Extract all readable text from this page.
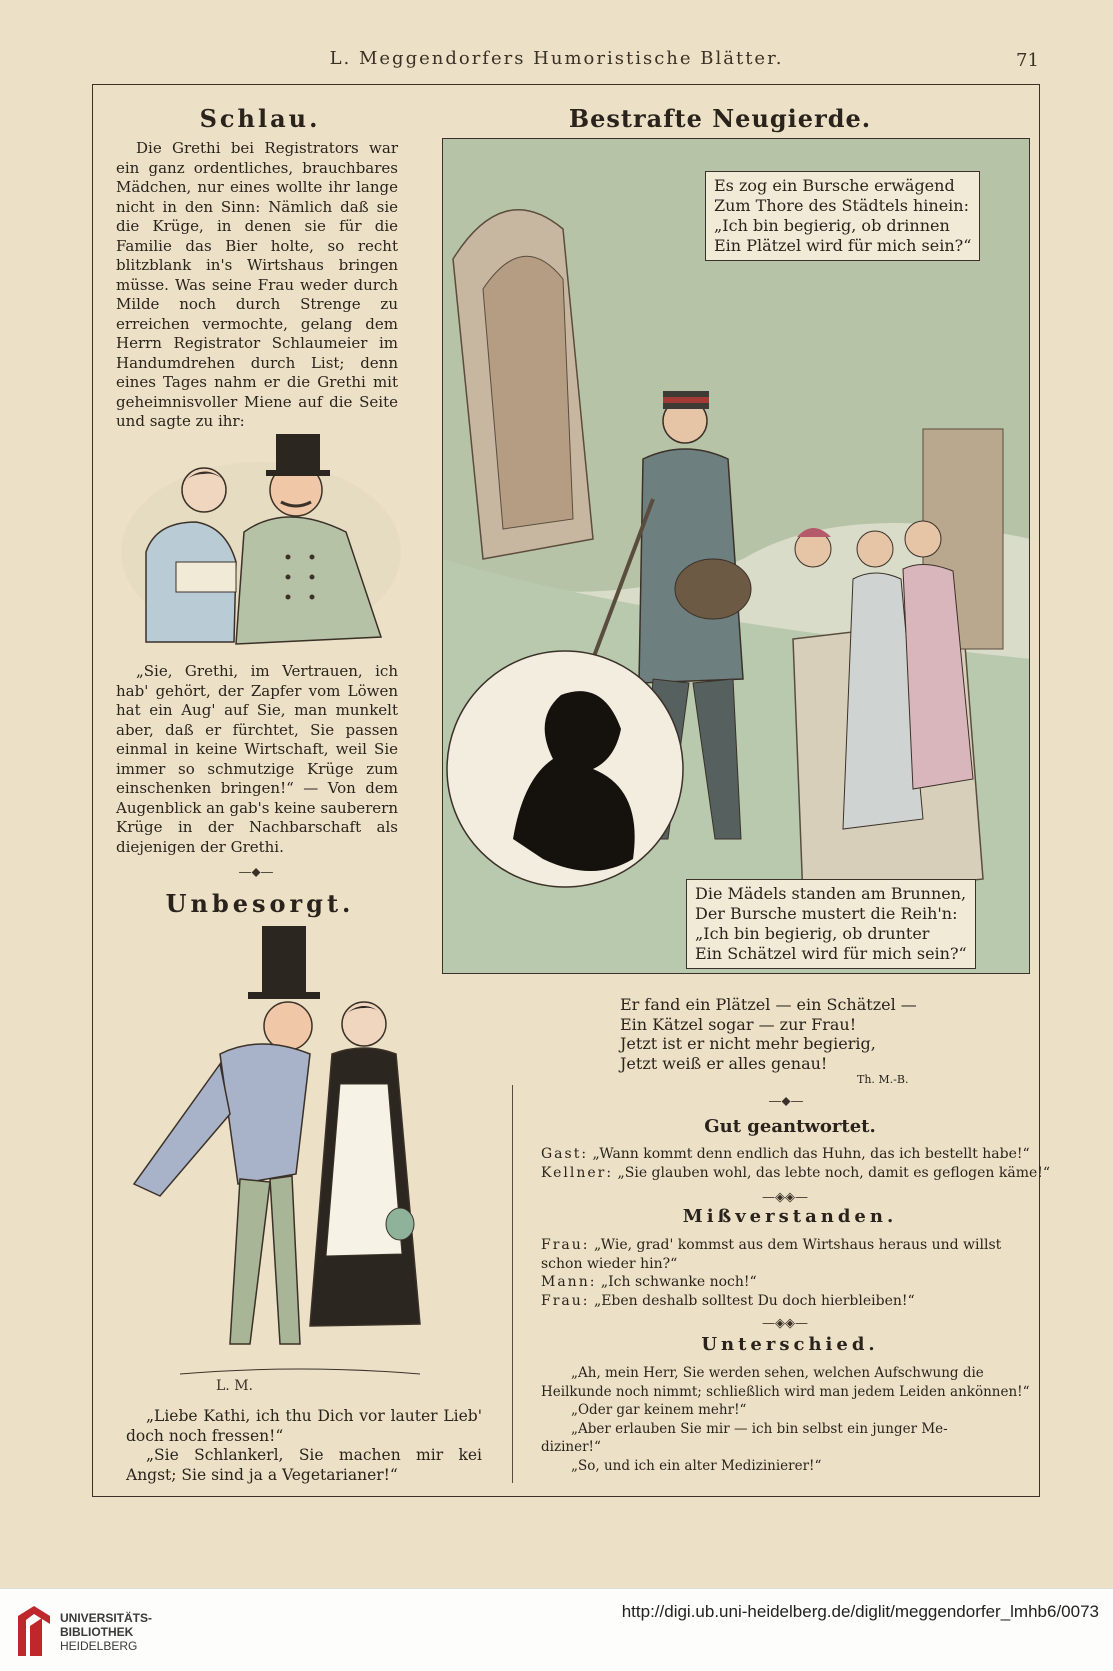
L. Meggendorfers Humoristische Blätter.	71
Schlau.

Die Grethi bei Registrators war ein ganz ordentliches, brauchbares Mädchen, nur eines wollte ihr lange nicht in den Sinn: Nämlich daß sie die Krüge, in denen sie für die Familie das Bier holte, so recht blitzblank in's Wirtshaus bringen müsse. Was seine Frau weder durch Milde noch durch Strenge zu erreichen vermochte, gelang dem Herrn Registrator Schlaumeier im Handumdrehen durch List; denn eines Tages nahm er die Grethi mit geheimnisvoller Miene auf die Seite und sagte zu ihr:

„Sie, Grethi, im Vertrauen, ich hab' gehört, der Zapfer vom Löwen hat ein Aug' auf Sie, man munkelt aber, daß er fürchtet, Sie passen einmal in keine Wirtschaft, weil Sie immer so schmutzige Krüge zum einschenken bringen!“ — Von dem Augenblick an gab's keine sauberern Krüge in der Nachbarschaft als diejenigen der Grethi.

—⬥—
Unbesorgt.
L. M.

„Liebe Kathi, ich thu Dich vor lauter Lieb' doch noch fressen!“

„Sie Schlankerl, Sie machen mir kei Angst; Sie sind ja a Vegetarianer!“

Bestrafte Neugierde.
Es zog ein Bursche erwägend
Zum Thore des Städtels hinein:
„Ich bin begierig, ob drinnen
Ein Plätzel wird für mich sein?“
Die Mädels standen am Brunnen,
Der Bursche mustert die Reih'n:
„Ich bin begierig, ob drunter
Ein Schätzel wird für mich sein?“
Er fand ein Plätzel — ein Schätzel —
Ein Kätzel sogar — zur Frau!
Jetzt ist er nicht mehr begierig,
Jetzt weiß er alles genau!
Th. M.-B.
—⬥—
Gut geantwortet.
Gast: „Wann kommt denn endlich das Huhn, das ich bestellt habe!“
Kellner: „Sie glauben wohl, das lebte noch, damit es geflogen käme!“
—◈◈—
Mißverstanden.
Frau: „Wie, grad' kommst aus dem Wirtshaus heraus und willst
schon wieder hin?“
Mann: „Ich schwanke noch!“
Frau: „Eben deshalb solltest Du doch hierbleiben!“
—◈◈—
Unterschied.
„Ah, mein Herr, Sie werden sehen, welchen Aufschwung die
Heilkunde noch nimmt; schließlich wird man jedem Leiden ankönnen!“
„Oder gar keinem mehr!“
„Aber erlauben Sie mir — ich bin selbst ein junger Me-
diziner!“
„So, und ich ein alter Medizinierer!“
UNIVERSITÄTS-
BIBLIOTHEK
HEIDELBERG
http://digi.ub.uni-heidelberg.de/diglit/meggendorfer_lmhb6/0073
